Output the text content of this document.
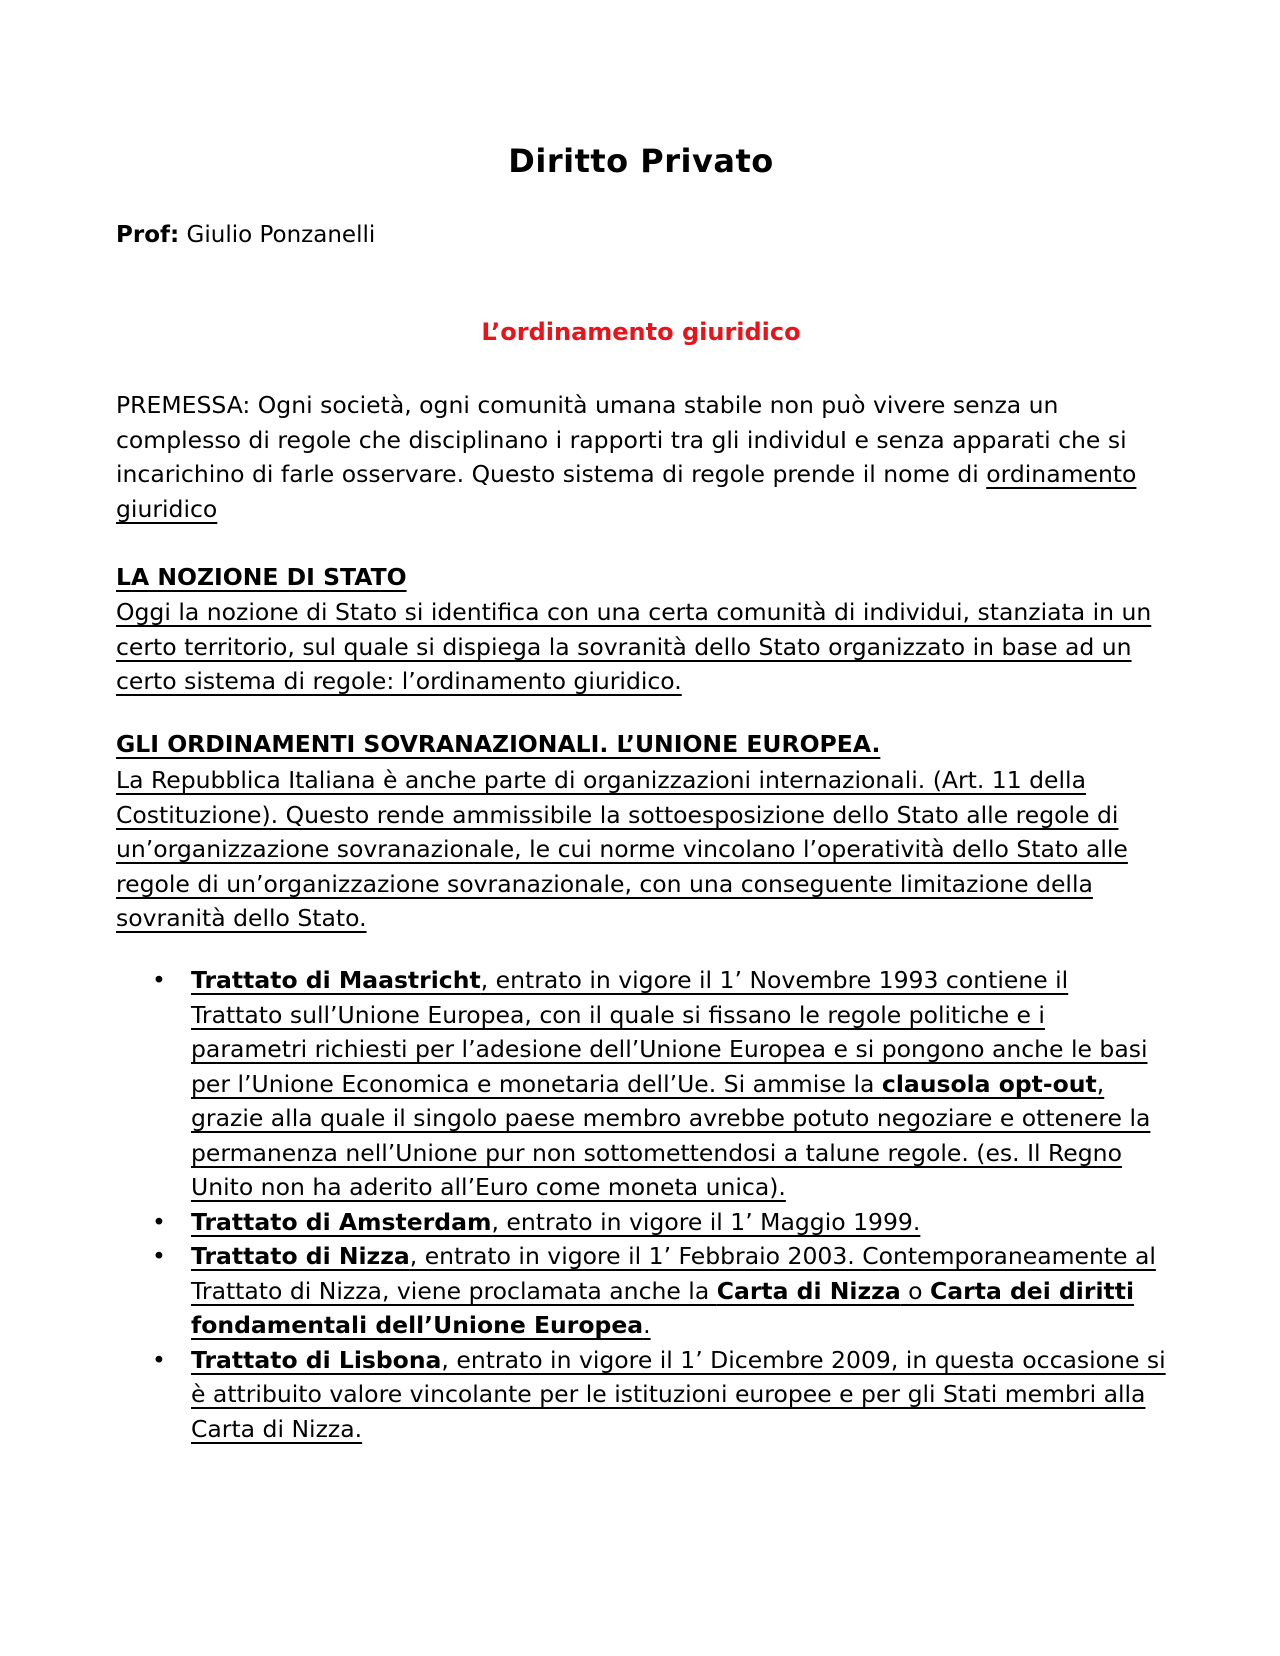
Diritto Privato
Prof: Giulio Ponzanelli
L’ordinamento giuridico
PREMESSA: Ogni società, ogni comunità umana stabile non può vivere senza un complesso di regole che disciplinano i rapporti tra gli individuI e senza apparati che si incarichino di farle osservare. Questo sistema di regole prende il nome di ordinamento giuridico
LA NOZIONE DI STATO
Oggi la nozione di Stato si identifica con una certa comunità di individui, stanziata in un certo territorio, sul quale si dispiega la sovranità dello Stato organizzato in base ad un certo sistema di regole: l’ordinamento giuridico.
GLI ORDINAMENTI SOVRANAZIONALI. L’UNIONE EUROPEA.
La Repubblica Italiana è anche parte di organizzazioni internazionali. (Art. 11 della Costituzione). Questo rende ammissibile la sottoesposizione dello Stato alle regole di un’organizzazione sovranazionale, le cui norme vincolano l’operatività dello Stato alle regole di un’organizzazione sovranazionale, con una conseguente limitazione della sovranità dello Stato.
• Trattato di Maastricht, entrato in vigore il 1’ Novembre 1993 contiene il Trattato sull’Unione Europea, con il quale si fissano le regole politiche e i parametri richiesti per l’adesione dell’Unione Europea e si pongono anche le basi per l’Unione Economica e monetaria dell’Ue. Si ammise la clausola opt-out, grazie alla quale il singolo paese membro avrebbe potuto negoziare e ottenere la permanenza nell’Unione pur non sottomettendosi a talune regole. (es. Il Regno Unito non ha aderito all’Euro come moneta unica).
• Trattato di Amsterdam, entrato in vigore il 1’ Maggio 1999.
• Trattato di Nizza, entrato in vigore il 1’ Febbraio 2003. Contemporaneamente al Trattato di Nizza, viene proclamata anche la Carta di Nizza o Carta dei diritti fondamentali dell’Unione Europea.
• Trattato di Lisbona, entrato in vigore il 1’ Dicembre 2009, in questa occasione si è attribuito valore vincolante per le istituzioni europee e per gli Stati membri alla Carta di Nizza.
